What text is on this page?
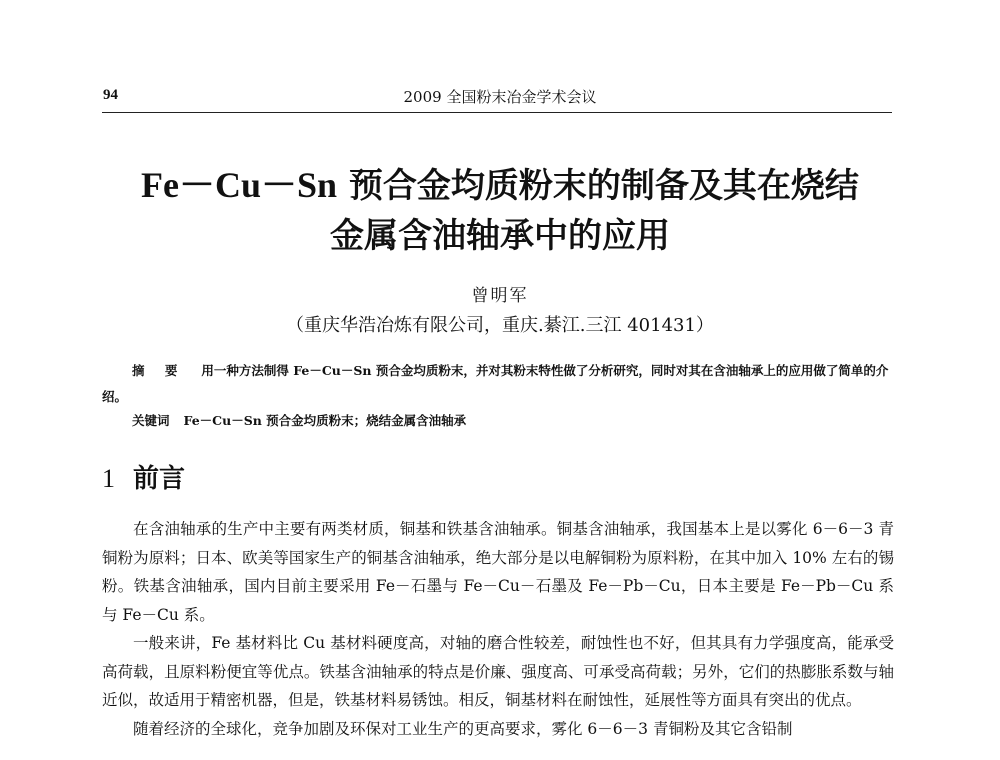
94	2009 全国粉末冶金学术会议
Fe－Cu－Sn 预合金均质粉末的制备及其在烧结
金属含油轴承中的应用
曾明军
（重庆华浩冶炼有限公司，重庆.綦江.三江 401431）
摘 要 用一种方法制得 Fe－Cu－Sn 预合金均质粉末，并对其粉末特性做了分析研究，同时对其在含油轴承上的应用做了简单的介绍。
关键词 Fe－Cu－Sn 预合金均质粉末；烧结金属含油轴承
1 前言

在含油轴承的生产中主要有两类材质，铜基和铁基含油轴承。铜基含油轴承，我国基本上是以雾化 6－6－3 青铜粉为原料；日本、欧美等国家生产的铜基含油轴承，绝大部分是以电解铜粉为原料粉，在其中加入 10% 左右的锡粉。铁基含油轴承，国内目前主要采用 Fe－石墨与 Fe－Cu－石墨及 Fe－Pb－Cu，日本主要是 Fe－Pb－Cu 系与 Fe－Cu 系。

一般来讲，Fe 基材料比 Cu 基材料硬度高，对轴的磨合性较差，耐蚀性也不好，但其具有力学强度高，能承受高荷载，且原料粉便宜等优点。铁基含油轴承的特点是价廉、强度高、可承受高荷载；另外，它们的热膨胀系数与轴近似，故适用于精密机器，但是，铁基材料易锈蚀。相反，铜基材料在耐蚀性，延展性等方面具有突出的优点。

随着经济的全球化，竞争加剧及环保对工业生产的更高要求，雾化 6－6－3 青铜粉及其它含铅制
